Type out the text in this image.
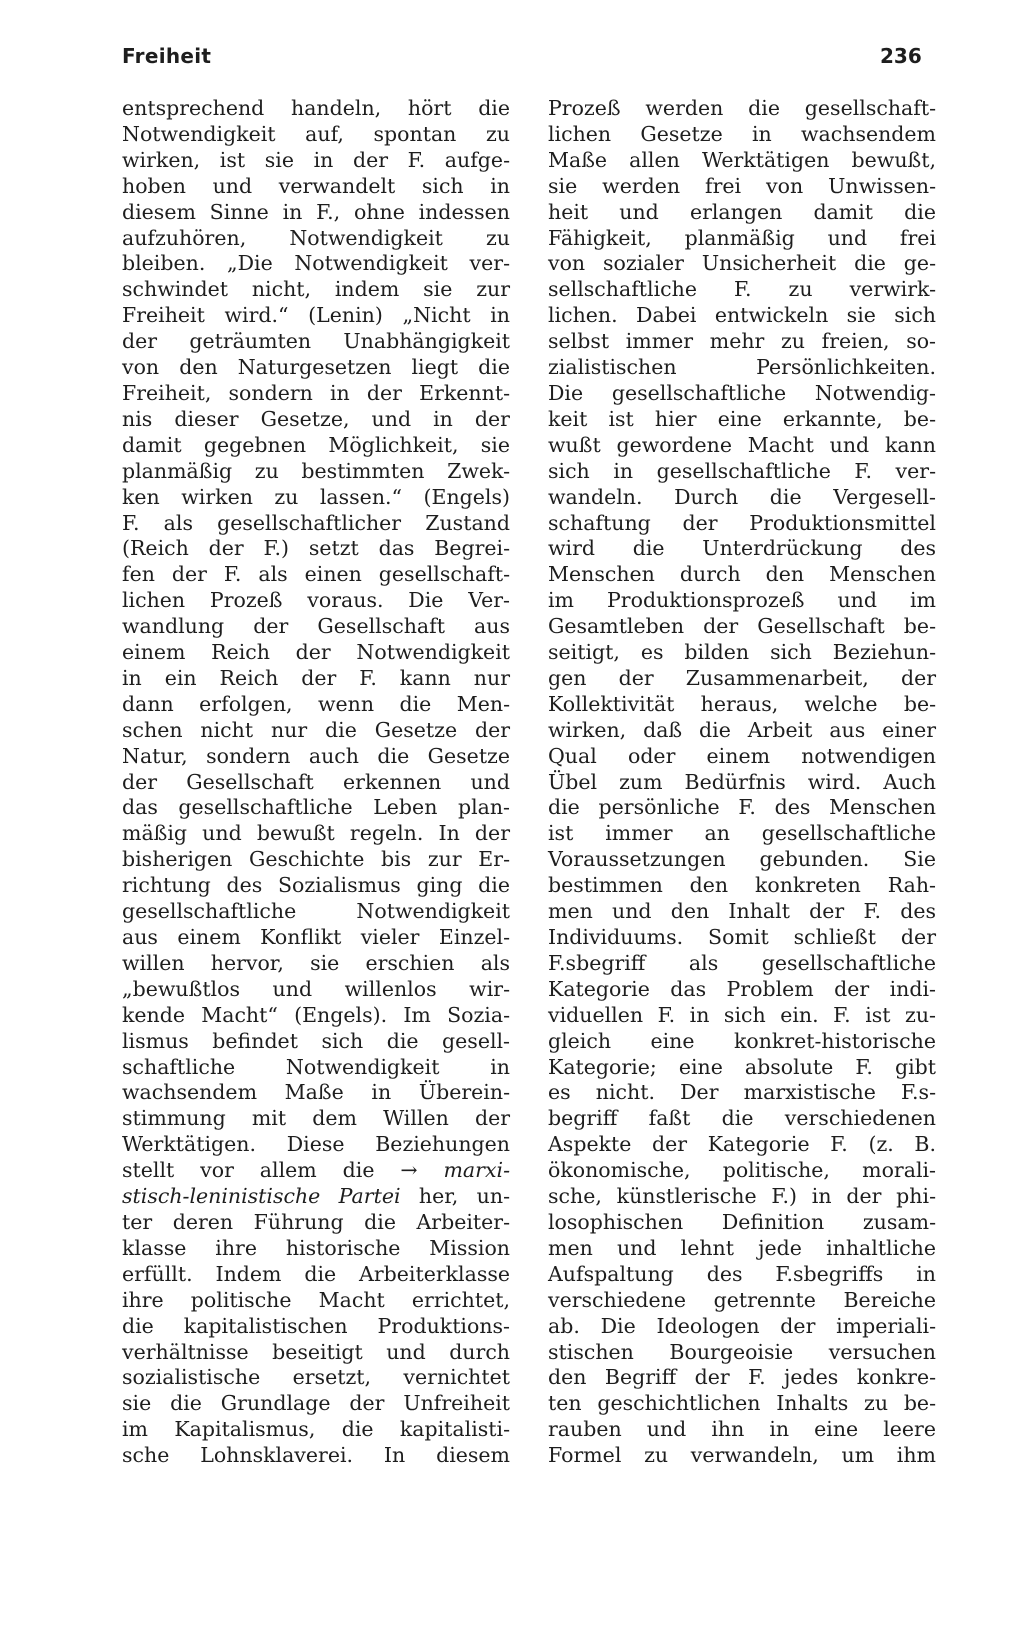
Freiheit	236
entsprechend handeln, hört die
Notwendigkeit auf, spontan zu
wirken, ist sie in der F. aufge-
hoben und verwandelt sich in
diesem Sinne in F., ohne indessen
aufzuhören, Notwendigkeit zu
bleiben. „Die Notwendigkeit ver-
schwindet nicht, indem sie zur
Freiheit wird.“ (Lenin) „Nicht in
der geträumten Unabhängigkeit
von den Naturgesetzen liegt die
Freiheit, sondern in der Erkennt-
nis dieser Gesetze, und in der
damit gegebnen Möglichkeit, sie
planmäßig zu bestimmten Zwek-
ken wirken zu lassen.“ (Engels)
F. als gesellschaftlicher Zustand
(Reich der F.) setzt das Begrei-
fen der F. als einen gesellschaft-
lichen Prozeß voraus. Die Ver-
wandlung der Gesellschaft aus
einem Reich der Notwendigkeit
in ein Reich der F. kann nur
dann erfolgen, wenn die Men-
schen nicht nur die Gesetze der
Natur, sondern auch die Gesetze
der Gesellschaft erkennen und
das gesellschaftliche Leben plan-
mäßig und bewußt regeln. In der
bisherigen Geschichte bis zur Er-
richtung des Sozialismus ging die
gesellschaftliche Notwendigkeit
aus einem Konflikt vieler Einzel-
willen hervor, sie erschien als
„bewußtlos und willenlos wir-
kende Macht“ (Engels). Im Sozia-
lismus befindet sich die gesell-
schaftliche Notwendigkeit in
wachsendem Maße in Überein-
stimmung mit dem Willen der
Werktätigen. Diese Beziehungen
stellt vor allem die → marxi-
stisch-leninistische Partei her, un-
ter deren Führung die Arbeiter-
klasse ihre historische Mission
erfüllt. Indem die Arbeiterklasse
ihre politische Macht errichtet,
die kapitalistischen Produktions-
verhältnisse beseitigt und durch
sozialistische ersetzt, vernichtet
sie die Grundlage der Unfreiheit
im Kapitalismus, die kapitalisti-
sche Lohnsklaverei. In diesem
Prozeß werden die gesellschaft-
lichen Gesetze in wachsendem
Maße allen Werktätigen bewußt,
sie werden frei von Unwissen-
heit und erlangen damit die
Fähigkeit, planmäßig und frei
von sozialer Unsicherheit die ge-
sellschaftliche F. zu verwirk-
lichen. Dabei entwickeln sie sich
selbst immer mehr zu freien, so-
zialistischen Persönlichkeiten.
Die gesellschaftliche Notwendig-
keit ist hier eine erkannte, be-
wußt gewordene Macht und kann
sich in gesellschaftliche F. ver-
wandeln. Durch die Vergesell-
schaftung der Produktionsmittel
wird die Unterdrückung des
Menschen durch den Menschen
im Produktionsprozeß und im
Gesamtleben der Gesellschaft be-
seitigt, es bilden sich Beziehun-
gen der Zusammenarbeit, der
Kollektivität heraus, welche be-
wirken, daß die Arbeit aus einer
Qual oder einem notwendigen
Übel zum Bedürfnis wird. Auch
die persönliche F. des Menschen
ist immer an gesellschaftliche
Voraussetzungen gebunden. Sie
bestimmen den konkreten Rah-
men und den Inhalt der F. des
Individuums. Somit schließt der
F.sbegriff als gesellschaftliche
Kategorie das Problem der indi-
viduellen F. in sich ein. F. ist zu-
gleich eine konkret-historische
Kategorie; eine absolute F. gibt
es nicht. Der marxistische F.s-
begriff faßt die verschiedenen
Aspekte der Kategorie F. (z. B.
ökonomische, politische, morali-
sche, künstlerische F.) in der phi-
losophischen Definition zusam-
men und lehnt jede inhaltliche
Aufspaltung des F.sbegriffs in
verschiedene getrennte Bereiche
ab. Die Ideologen der imperiali-
stischen Bourgeoisie versuchen
den Begriff der F. jedes konkre-
ten geschichtlichen Inhalts zu be-
rauben und ihn in eine leere
Formel zu verwandeln, um ihm
